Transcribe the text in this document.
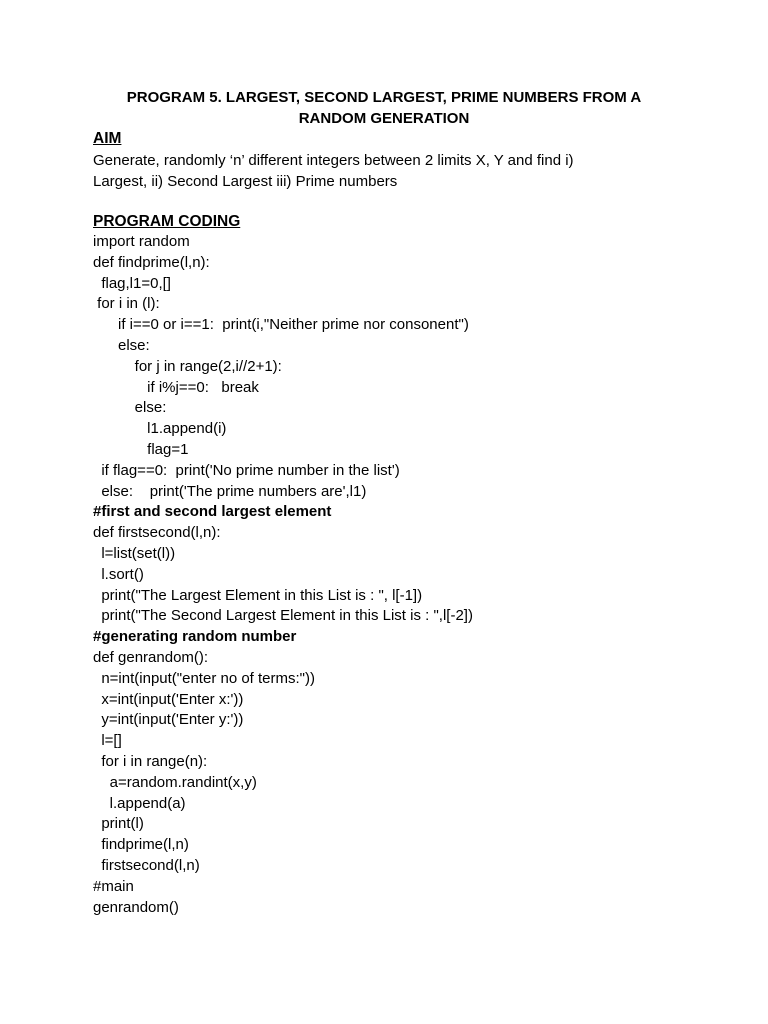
PROGRAM 5. LARGEST, SECOND LARGEST, PRIME NUMBERS FROM A
RANDOM GENERATION
AIM
Generate, randomly ‘n’ different integers between 2 limits X, Y and find i)
Largest, ii) Second Largest iii) Prime numbers
PROGRAM CODING
import random
def findprime(l,n):
flag,l1=0,[]
for i in (l):
if i==0 or i==1:  print(i,"Neither prime nor consonent")
else:
for j in range(2,i//2+1):
if i%j==0:   break
else:
l1.append(i)
flag=1
if flag==0:  print('No prime number in the list')
else:    print('The prime numbers are',l1)
#first and second largest element
def firstsecond(l,n):
l=list(set(l))
l.sort()
print("The Largest Element in this List is : ", l[-1])
print("The Second Largest Element in this List is : ",l[-2])
#generating random number
def genrandom():
n=int(input("enter no of terms:"))
x=int(input('Enter x:'))
y=int(input('Enter y:'))
l=[]
for i in range(n):
a=random.randint(x,y)
l.append(a)
print(l)
findprime(l,n)
firstsecond(l,n)
#main
genrandom()
